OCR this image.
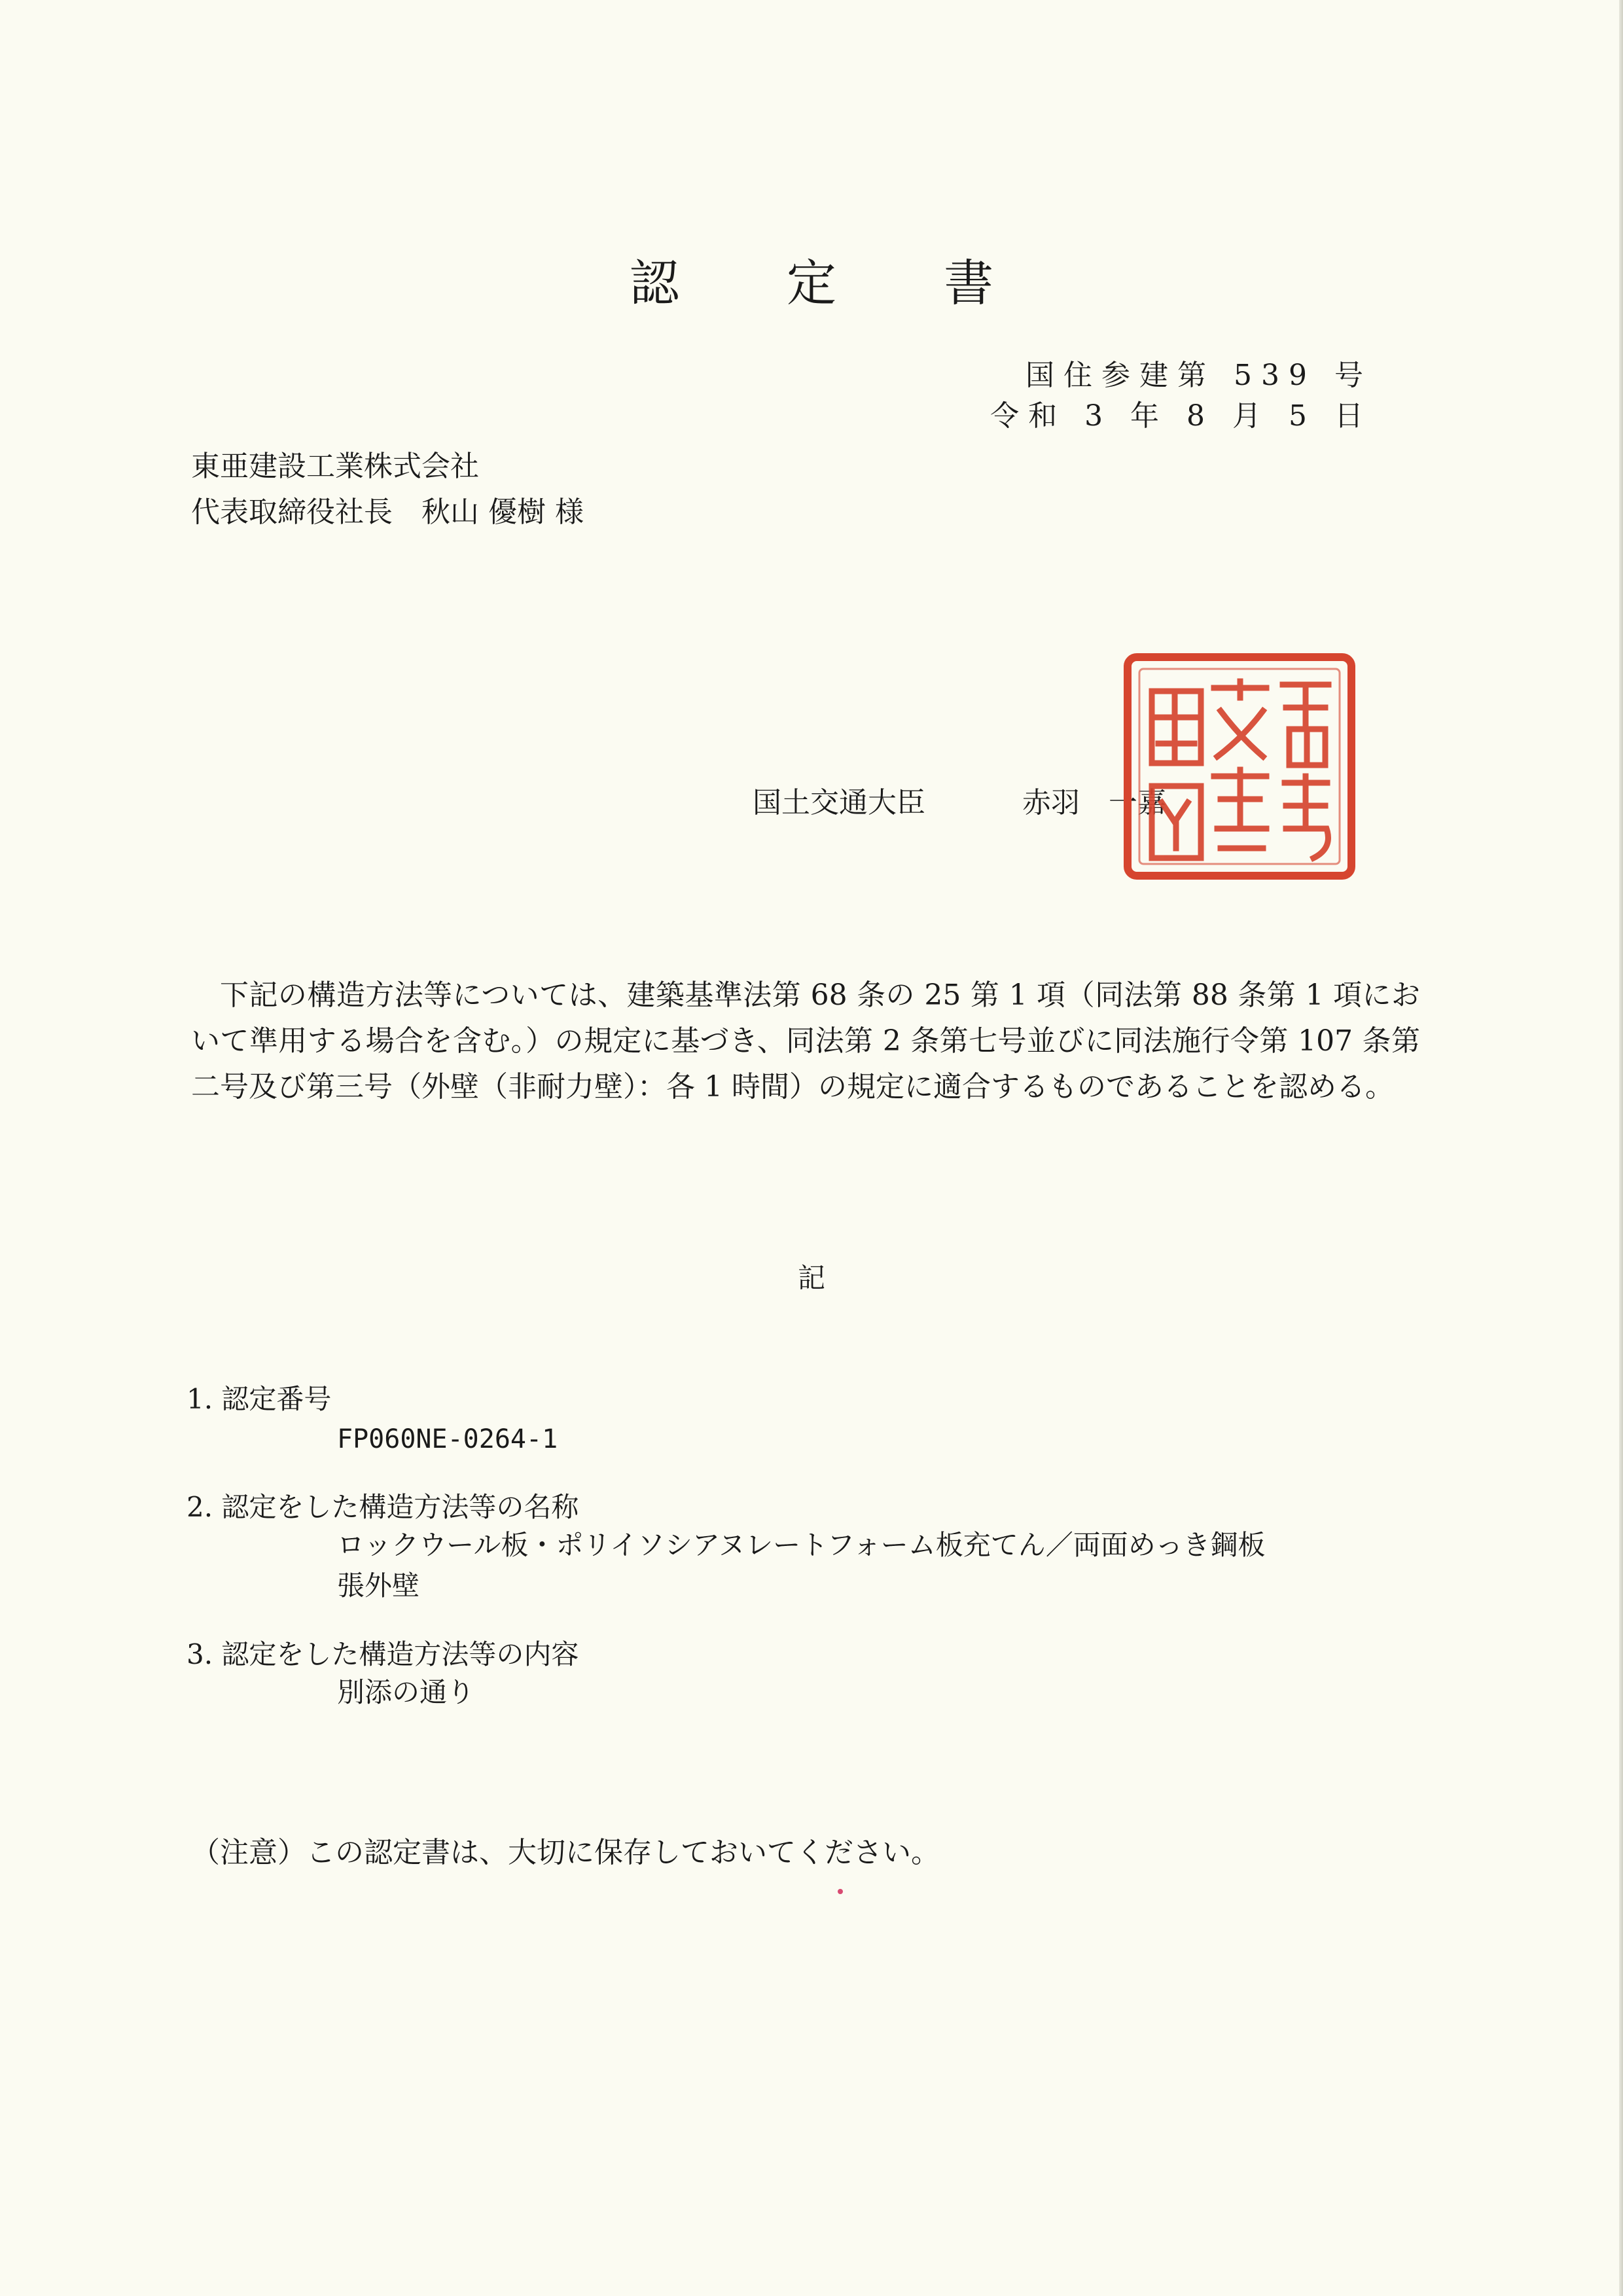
認 定 書
国住参建第 539 号
令和 3 年 8 月 5 日
東亜建設工業株式会社
代表取締役社長　秋山 優樹 様
国土交通大臣	赤羽　一嘉
下記の構造方法等については、建築基準法第 68 条の 25 第 1 項（同法第 88 条第 1 項において準用する場合を含む。）の規定に基づき、同法第 2 条第七号並びに同法施行令第 107 条第二号及び第三号（外壁（非耐力壁）：各 1 時間）の規定に適合するものであることを認める。
記
1. 認定番号
FP060NE-0264-1
2. 認定をした構造方法等の名称
ロックウール板・ポリイソシアヌレートフォーム板充てん／両面めっき鋼板
張外壁
3. 認定をした構造方法等の内容
別添の通り
（注意）この認定書は、大切に保存しておいてください。
